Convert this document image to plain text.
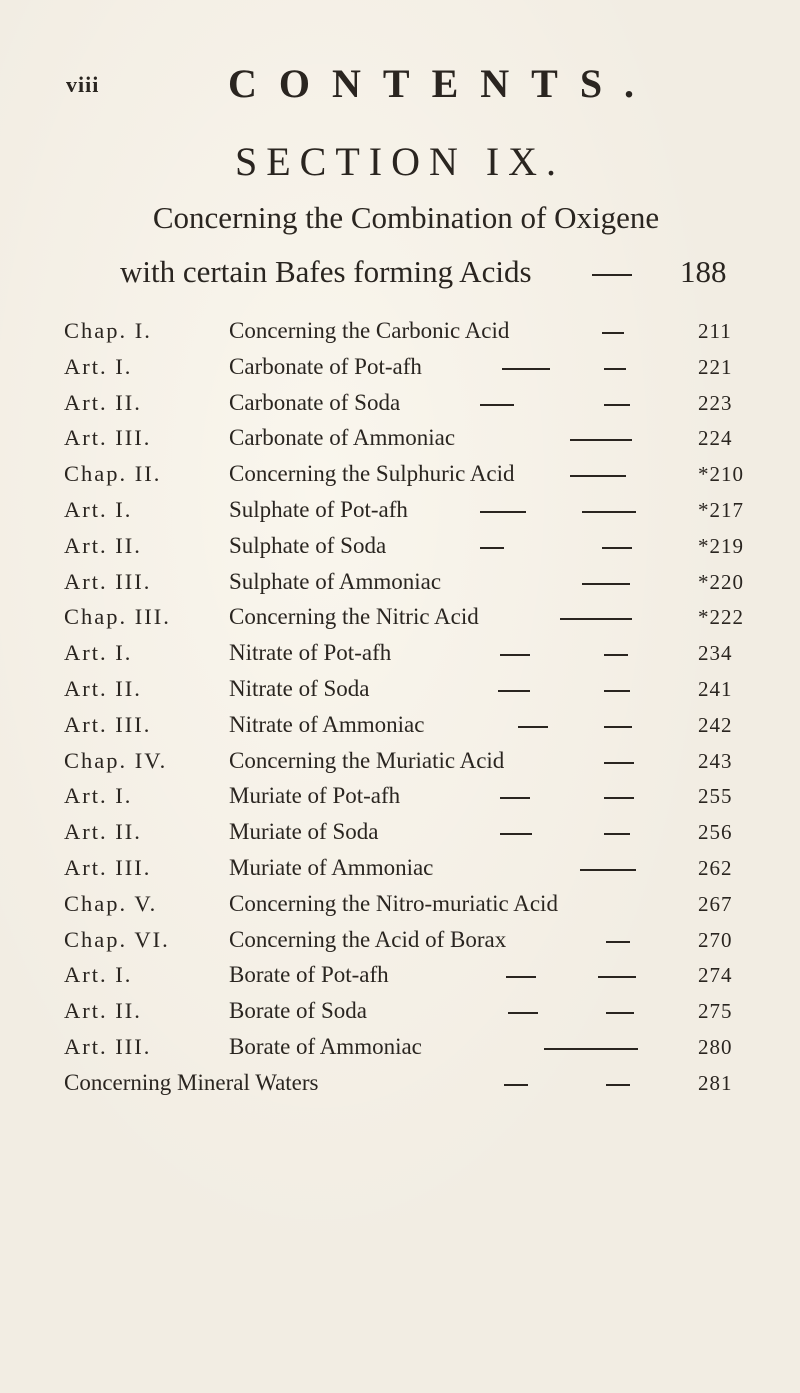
viii	CONTENTS.
SECTION IX.
Concerning the Combination of Oxigene
with certain Bafes forming Acids	188
Chap. I.	Concerning the Carbonic Acid	211
Art. I.	Carbonate of Pot-afh	221
Art. II.	Carbonate of Soda	223
Art. III.	Carbonate of Ammoniac	224
Chap. II.	Concerning the Sulphuric Acid	*210
Art. I.	Sulphate of Pot-afh	*217
Art. II.	Sulphate of Soda	*219
Art. III.	Sulphate of Ammoniac	*220
Chap. III.	Concerning the Nitric Acid	*222
Art. I.	Nitrate of Pot-afh	234
Art. II.	Nitrate of Soda	241
Art. III.	Nitrate of Ammoniac	242
Chap. IV.	Concerning the Muriatic Acid	243
Art. I.	Muriate of Pot-afh	255
Art. II.	Muriate of Soda	256
Art. III.	Muriate of Ammoniac	262
Chap. V.	Concerning the Nitro-muriatic Acid	267
Chap. VI.	Concerning the Acid of Borax	270
Art. I.	Borate of Pot-afh	274
Art. II.	Borate of Soda	275
Art. III.	Borate of Ammoniac	280
Concerning Mineral Waters	281
